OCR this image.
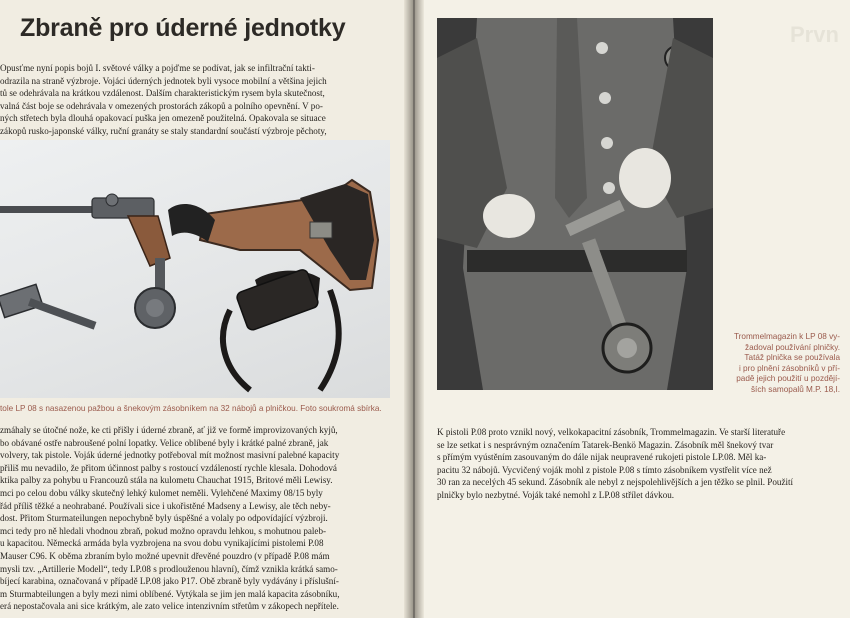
Prvn
Zbraně pro úderné jednotky
Opusťme nyní popis bojů I. světové války a pojďme se podívat, jak se infiltrační takti-
odrazila na straně výzbroje. Vojáci úderných jednotek byli vysoce mobilní a většina jejich
tů se odehrávala na krátkou vzdálenost. Dalším charakteristickým rysem byla skutečnost,
valná část boje se odehrávala v omezených prostorách zákopů a polního opevnění. V po-
ných střetech byla dlouhá opakovací puška jen omezeně použitelná. Opakovala se situace
zákopů rusko-japonské války, ruční granáty se staly standardní součástí výzbroje pěchoty,
tole LP 08 s nasazenou pažbou a šnekovým zásobníkem na 32 nábojů a plničkou. Foto soukromá sbírka.
zmáhaly se útočné nože, ke cti přišly i úderné zbraně, ať již ve formě improvizovaných kyjů,
bo obávané ostře nabroušené polní lopatky. Velice oblíbené byly i krátké palné zbraně, jak
volvery, tak pistole. Voják úderné jednotky potřeboval mít možnost masivní palebné kapacity
přiliš mu nevadilo, že přitom účinnost palby s rostoucí vzdáleností rychle klesala. Dohodová
ktika palby za pohybu u Francouzů stála na kulometu Chauchat 1915, Britové měli Lewisy.
mci po celou dobu války skutečný lehký kulomet neměli. Vylehčené Maximy 08/15 byly
řád příliš těžké a neohrabané. Používali sice i ukořistěné Madseny a Lewisy, ale těch neby-
dost. Přitom Sturmateilungen nepochybně byly úspěšné a volaly po odpovídající výzbroji.
mci tedy pro ně hledali vhodnou zbraň, pokud možno opravdu lehkou, s mohutnou paleb-
u kapacitou. Německá armáda byla vyzbrojena na svou dobu vynikajícími pistolemi P.08
Mauser C96. K oběma zbraním bylo možné upevnit dřevěné pouzdro (v případě P.08 mám
mysli tzv. „Artillerie Modell“, tedy LP.08 s prodlouženou hlavní), čímž vznikla krátká samo-
bíjecí karabina, označovaná v případě LP.08 jako P17. Obě zbraně byly vydávány i příslušní-
m Sturmabteilungen a byly mezi nimi oblíbené. Vytýkala se jim jen malá kapacita zásobníku,
erá nepostačovala ani sice krátkým, ale zato velice intenzivním střetům v zákopech nepřítele.
Trommelmagazin k LP 08 vy-
žadoval používání plničky.
Tatáž plnička se používala
i pro plnění zásobníků v pří-
padě jejich použití u pozdějí-
ších samopalů M.P. 18,I.
K pistoli P.08 proto vznikl nový, velkokapacitní zásobník, Trommelmagazin. Ve starší literatuře
se lze setkat i s nesprávným označením Tatarek-Benkö Magazin. Zásobník měl šnekový tvar
s přímým vyústěním zasouvaným do dále nijak neupravené rukojeti pistole LP.08. Měl ka-
pacitu 32 nábojů. Vycvičený voják mohl z pistole P.08 s tímto zásobníkem vystřelit více než
30 ran za necelých 45 sekund. Zásobník ale nebyl z nejspolehlivějších a jen těžko se plnil. Použití
plničky bylo nezbytné. Voják také nemohl z LP.08 střílet dávkou.
